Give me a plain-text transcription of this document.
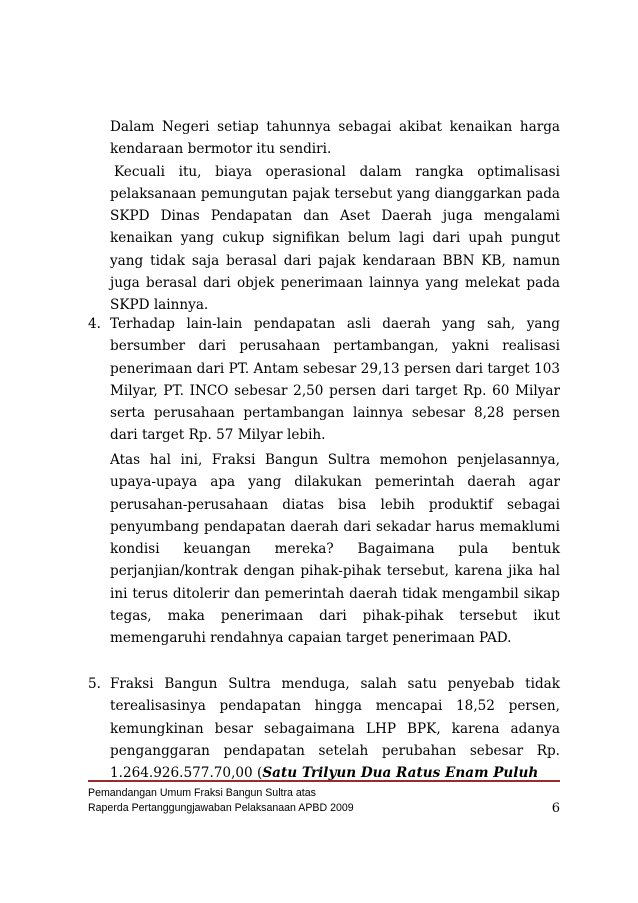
Dalam Negeri setiap tahunnya sebagai akibat kenaikan harga kendaraan bermotor itu sendiri.

Kecuali itu, biaya operasional dalam rangka optimalisasi pelaksanaan pemungutan pajak tersebut yang dianggarkan pada SKPD Dinas Pendapatan dan Aset Daerah juga mengalami kenaikan yang cukup signifikan belum lagi dari upah pungut yang tidak saja berasal dari pajak kendaraan BBN KB, namun juga berasal dari objek penerimaan lainnya yang melekat pada SKPD lainnya.

4. Terhadap lain-lain pendapatan asli daerah yang sah, yang bersumber dari perusahaan pertambangan, yakni realisasi penerimaan dari PT. Antam sebesar 29,13 persen dari target 103 Milyar, PT. INCO sebesar 2,50 persen dari target Rp. 60 Milyar serta perusahaan pertambangan lainnya sebesar 8,28 persen dari target Rp. 57 Milyar lebih.

Atas hal ini, Fraksi Bangun Sultra memohon penjelasannya, upaya-upaya apa yang dilakukan pemerintah daerah agar perusahan-perusahaan diatas bisa lebih produktif sebagai penyumbang pendapatan daerah dari sekadar harus memaklumi kondisi keuangan mereka? Bagaimana pula bentuk perjanjian/kontrak dengan pihak-pihak tersebut, karena jika hal ini terus ditolerir dan pemerintah daerah tidak mengambil sikap tegas, maka penerimaan dari pihak-pihak tersebut ikut memengaruhi rendahnya capaian target penerimaan PAD.

5. Fraksi Bangun Sultra menduga, salah satu penyebab tidak terealisasinya pendapatan hingga mencapai 18,52 persen, kemungkinan besar sebagaimana LHP BPK, karena adanya penganggaran pendapatan setelah perubahan sebesar Rp. 1.264.926.577.70,00 (Satu Trilyun Dua Ratus Enam Puluh
Pemandangan Umum Fraksi Bangun Sultra atas
Raperda Pertanggungjawaban Pelaksanaan APBD 2009	6
